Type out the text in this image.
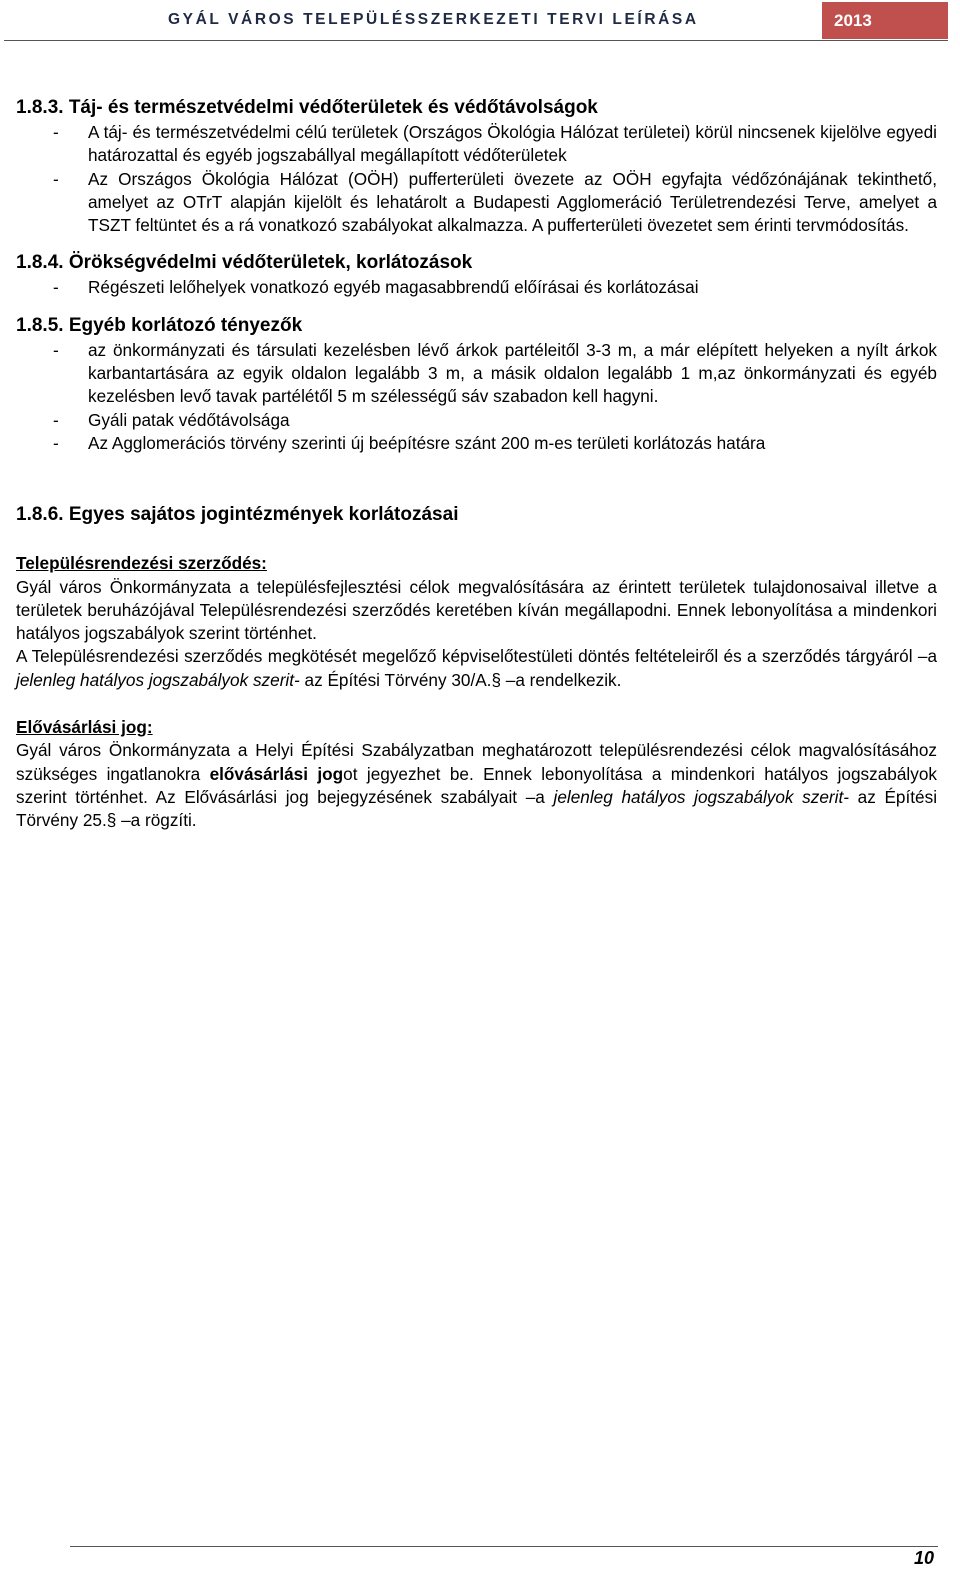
GYÁL VÁROS TELEPÜLÉSSZERKEZETI TERVI LEÍRÁSA	2013
1.8.3. Táj- és természetvédelmi védőterületek és védőtávolságok
- A táj- és természetvédelmi célú területek (Országos Ökológia Hálózat területei) körül nincsenek kijelölve egyedi határozattal és egyéb jogszabállyal megállapított védőterületek
- Az Országos Ökológia Hálózat (OÖH) pufferterületi övezete az OÖH egyfajta védőzónájának tekinthető, amelyet az OTrT alapján kijelölt és lehatárolt a Budapesti Agglomeráció Területrendezési Terve, amelyet a TSZT feltüntet és a rá vonatkozó szabályokat alkalmazza. A pufferterületi övezetet sem érinti tervmódosítás.
1.8.4. Örökségvédelmi védőterületek, korlátozások
- Régészeti lelőhelyek vonatkozó egyéb magasabbrendű előírásai és korlátozásai
1.8.5. Egyéb korlátozó tényezők
- az önkormányzati és társulati kezelésben lévő árkok partéleitől 3-3 m, a már elépített helyeken a nyílt árkok karbantartására az egyik oldalon legalább 3 m, a másik oldalon legalább 1 m,az önkormányzati és egyéb kezelésben levő tavak partélétől 5 m szélességű sáv szabadon kell hagyni.
- Gyáli patak védőtávolsága
- Az Agglomerációs törvény szerinti új beépítésre szánt 200 m-es területi korlátozás határa
1.8.6. Egyes sajátos jogintézmények korlátozásai
Településrendezési szerződés:

Gyál város Önkormányzata a településfejlesztési célok megvalósítására az érintett területek tulajdonosaival illetve a területek beruházójával Településrendezési szerződés keretében kíván megállapodni. Ennek lebonyolítása a mindenkori hatályos jogszabályok szerint történhet.

A Településrendezési szerződés megkötését megelőző képviselőtestületi döntés feltételeiről és a szerződés tárgyáról –a jelenleg hatályos jogszabályok szerit- az Építési Törvény 30/A.§ –a rendelkezik.

Elővásárlási jog:

Gyál város Önkormányzata a Helyi Építési Szabályzatban meghatározott településrendezési célok magvalósításához szükséges ingatlanokra elővásárlási jogot jegyezhet be. Ennek lebonyolítása a mindenkori hatályos jogszabályok szerint történhet. Az Elővásárlási jog bejegyzésének szabályait –a jelenleg hatályos jogszabályok szerit- az Építési Törvény 25.§ –a rögzíti.

10
